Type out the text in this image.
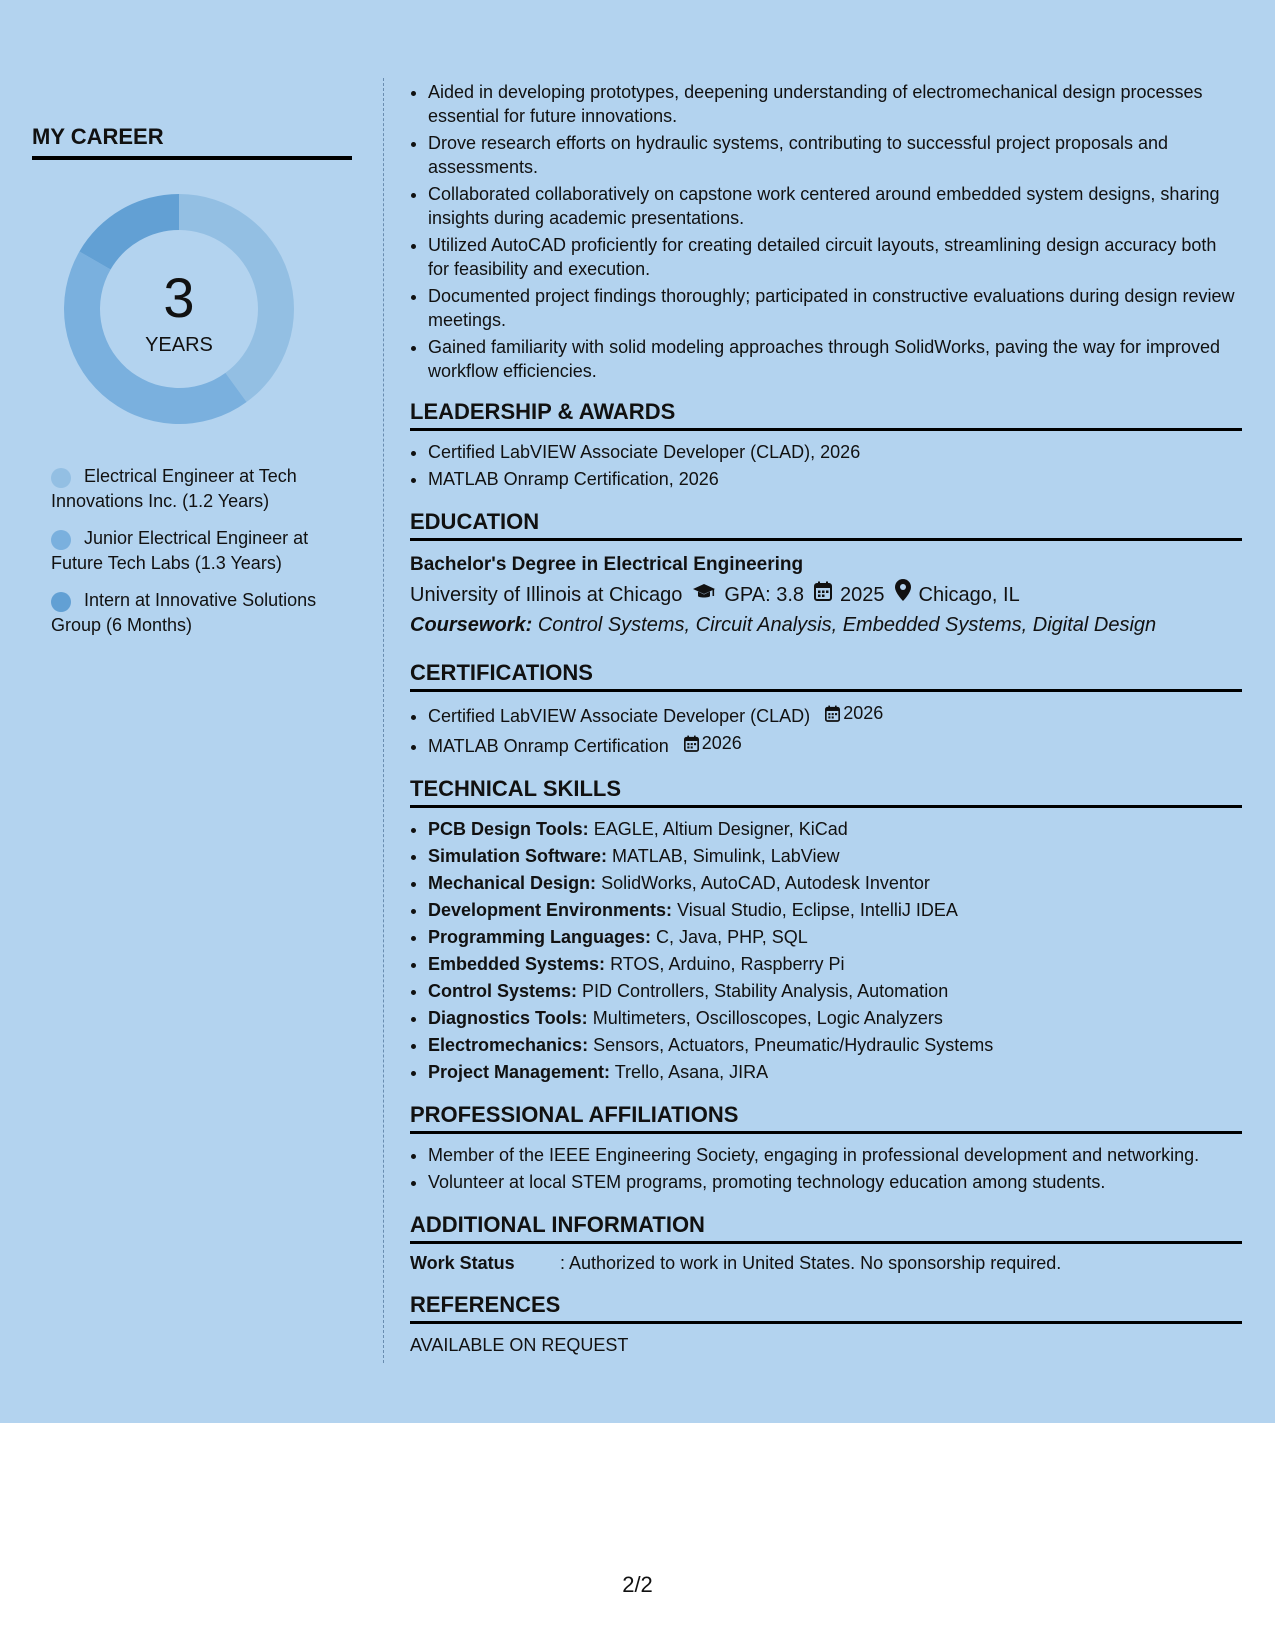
MY CAREER
3
YEARS
Electrical Engineer at Tech Innovations Inc. (1.2 Years)
Junior Electrical Engineer at Future Tech Labs (1.3 Years)
Intern at Innovative Solutions Group (6 Months)
• Aided in developing prototypes, deepening understanding of electromechanical design processes essential for future innovations.
• Drove research efforts on hydraulic systems, contributing to successful project proposals and assessments.
• Collaborated collaboratively on capstone work centered around embedded system designs, sharing insights during academic presentations.
• Utilized AutoCAD proficiently for creating detailed circuit layouts, streamlining design accuracy both for feasibility and execution.
• Documented project findings thoroughly; participated in constructive evaluations during design review meetings.
• Gained familiarity with solid modeling approaches through SolidWorks, paving the way for improved workflow efficiencies.
LEADERSHIP & AWARDS
• Certified LabVIEW Associate Developer (CLAD), 2026
• MATLAB Onramp Certification, 2026
EDUCATION
Bachelor's Degree in Electrical Engineering
University of Illinois at Chicago GPA: 3.8 2025 Chicago, IL
Coursework: Control Systems, Circuit Analysis, Embedded Systems, Digital Design
CERTIFICATIONS
• Certified LabVIEW Associate Developer (CLAD) 2026
• MATLAB Onramp Certification 2026
TECHNICAL SKILLS
• PCB Design Tools: EAGLE, Altium Designer, KiCad
• Simulation Software: MATLAB, Simulink, LabView
• Mechanical Design: SolidWorks, AutoCAD, Autodesk Inventor
• Development Environments: Visual Studio, Eclipse, IntelliJ IDEA
• Programming Languages: C, Java, PHP, SQL
• Embedded Systems: RTOS, Arduino, Raspberry Pi
• Control Systems: PID Controllers, Stability Analysis, Automation
• Diagnostics Tools: Multimeters, Oscilloscopes, Logic Analyzers
• Electromechanics: Sensors, Actuators, Pneumatic/Hydraulic Systems
• Project Management: Trello, Asana, JIRA
PROFESSIONAL AFFILIATIONS
• Member of the IEEE Engineering Society, engaging in professional development and networking.
• Volunteer at local STEM programs, promoting technology education among students.
ADDITIONAL INFORMATION
Work Status	: Authorized to work in United States. No sponsorship required.
REFERENCES
AVAILABLE ON REQUEST
2/2
